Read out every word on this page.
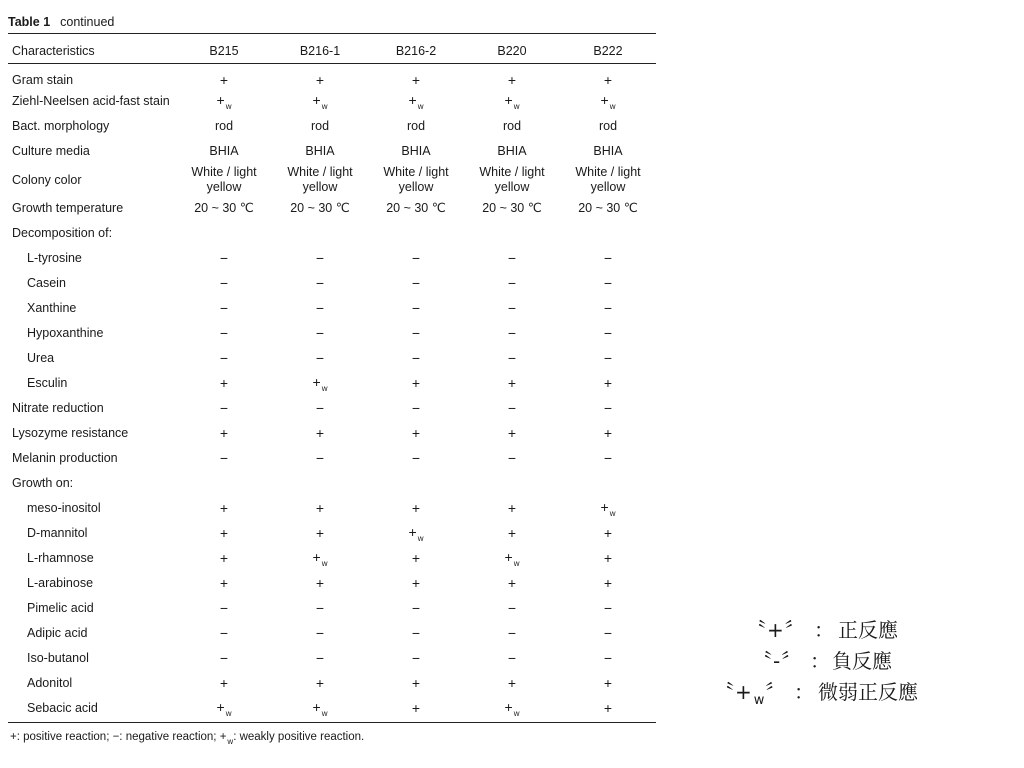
Table 1 continued
Characteristics	B215	B216-1	B216-2	B220	B222
Gram stain	+	+	+	+	+
Ziehl-Neelsen acid-fast stain	$+_w$	$+_w$	$+_w$	$+_w$	$+_w$
Bact. morphology	rod	rod	rod	rod	rod
Culture media	BHIA	BHIA	BHIA	BHIA	BHIA
Colony color	White / light yellow	White / light yellow	White / light yellow	White / light yellow	White / light yellow
Growth temperature	20 ~ 30 ℃	20 ~ 30 ℃	20 ~ 30 ℃	20 ~ 30 ℃	20 ~ 30 ℃
Decomposition of:					
L-tyrosine	−	−	−	−	−
Casein	−	−	−	−	−
Xanthine	−	−	−	−	−
Hypoxanthine	−	−	−	−	−
Urea	−	−	−	−	−
Esculin	+	$+_w$	+	+	+
Nitrate reduction	−	−	−	−	−
Lysozyme resistance	+	+	+	+	+
Melanin production	−	−	−	−	−
Growth on:					
meso-inositol	+	+	+	+	$+_w$
D-mannitol	+	+	$+_w$	+	+
L-rhamnose	+	$+_w$	+	$+_w$	+
L-arabinose	+	+	+	+	+
Pimelic acid	−	−	−	−	−
Adipic acid	−	−	−	−	−
Iso-butanol	−	−	−	−	−
Adonitol	+	+	+	+	+
Sebacic acid	$+_w$	$+_w$	+	$+_w$	+
+: positive reaction; −: negative reaction; $+_w$: weakly positive reaction.
〝+〞 ： 正反應
〝-〞 ： 負反應
〝$+_w$〞 ： 微弱正反應
